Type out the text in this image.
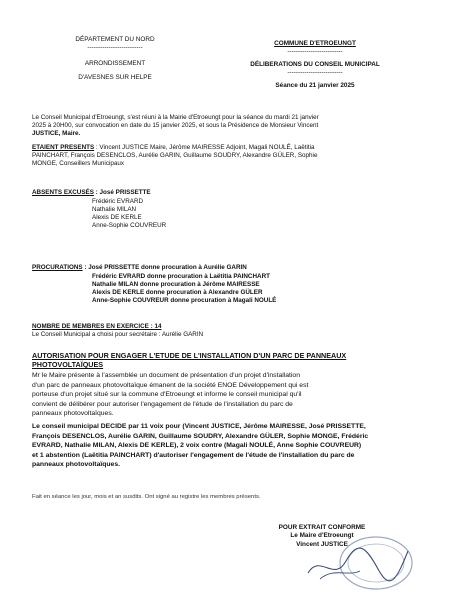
DÉPARTEMENT DU NORD
--------------------------
ARRONDISSEMENT
D'AVESNES SUR HELPE
COMMUNE D'ETROEUNGT
--------------------------
DÉLIBERATIONS DU CONSEIL MUNICIPAL
--------------------------
Séance du 21 janvier 2025
Le Conseil Municipal d'Etroeungt, s'est réuni à la Mairie d'Etroeungt pour la séance du mardi 21 janvier
2025 à 20H00, sur convocation en date du 15 janvier 2025, et sous la Présidence de Monsieur Vincent
JUSTICE, Maire.
ETAIENT PRESENTS : Vincent JUSTICE Maire, Jérôme MAIRESSE Adjoint, Magali NOULÉ, Laëtitia
PAINCHART, François DESENCLOS, Aurélie GARIN, Guillaume SOUDRY, Alexandre GÜLER, Sophie
MONGE, Conseillers Municipaux
ABSENTS EXCUSÉS : José PRISSETTE
Frédéric EVRARD
Nathalie MILAN
Alexis DE KERLE
Anne-Sophie COUVREUR
PROCURATIONS : José PRISSETTE donne procuration à Aurélie GARIN
Frédéric EVRARD donne procuration à Laëtitia PAINCHART
Nathalie MILAN donne procuration à Jérôme MAIRESSE
Alexis DE KERLE donne procuration à Alexandre GÜLER
Anne-Sophie COUVREUR donne procuration à Magali NOULÉ
NOMBRE DE MEMBRES EN EXERCICE : 14
Le Conseil Municipal a choisi pour secrétaire : Aurélie GARIN
AUTORISATION POUR ENGAGER L'ETUDE DE L'INSTALLATION D'UN PARC DE PANNEAUX
PHOTOVOLTAÏQUES
Mr le Maire présente à l'assemblée un document de présentation d'un projet d'installation
d'un parc de panneaux photovoltaïque émanent de la société ENOE Développement qui est
porteuse d'un projet situé sur la commune d'Etroeungt et informe le conseil municipal qu'il
convient de délibérer pour autoriser l'engagement de l'étude de l'installation du parc de
panneaux photovoltaïques.
Le conseil municipal DECIDE par 11 voix pour (Vincent JUSTICE, Jérôme MAIRESSE, José PRISSETTE,
François DESENCLOS, Aurélie GARIN, Guillaume SOUDRY, Alexandre GÜLER, Sophie MONGE, Frédéric
EVRARD, Nathalie MILAN, Alexis DE KERLE), 2 voix contre (Magali NOULÉ, Anne Sophie COUVREUR)
et 1 abstention (Laëtitia PAINCHART) d'autoriser l'engagement de l'étude de l'installation du parc de
panneaux photovoltaïques.
Fait en séance les jour, mois et an susdits. Ont signé au registre les membres présents.
POUR EXTRAIT CONFORME
Le Maire d'Etroeungt
Vincent JUSTICE
